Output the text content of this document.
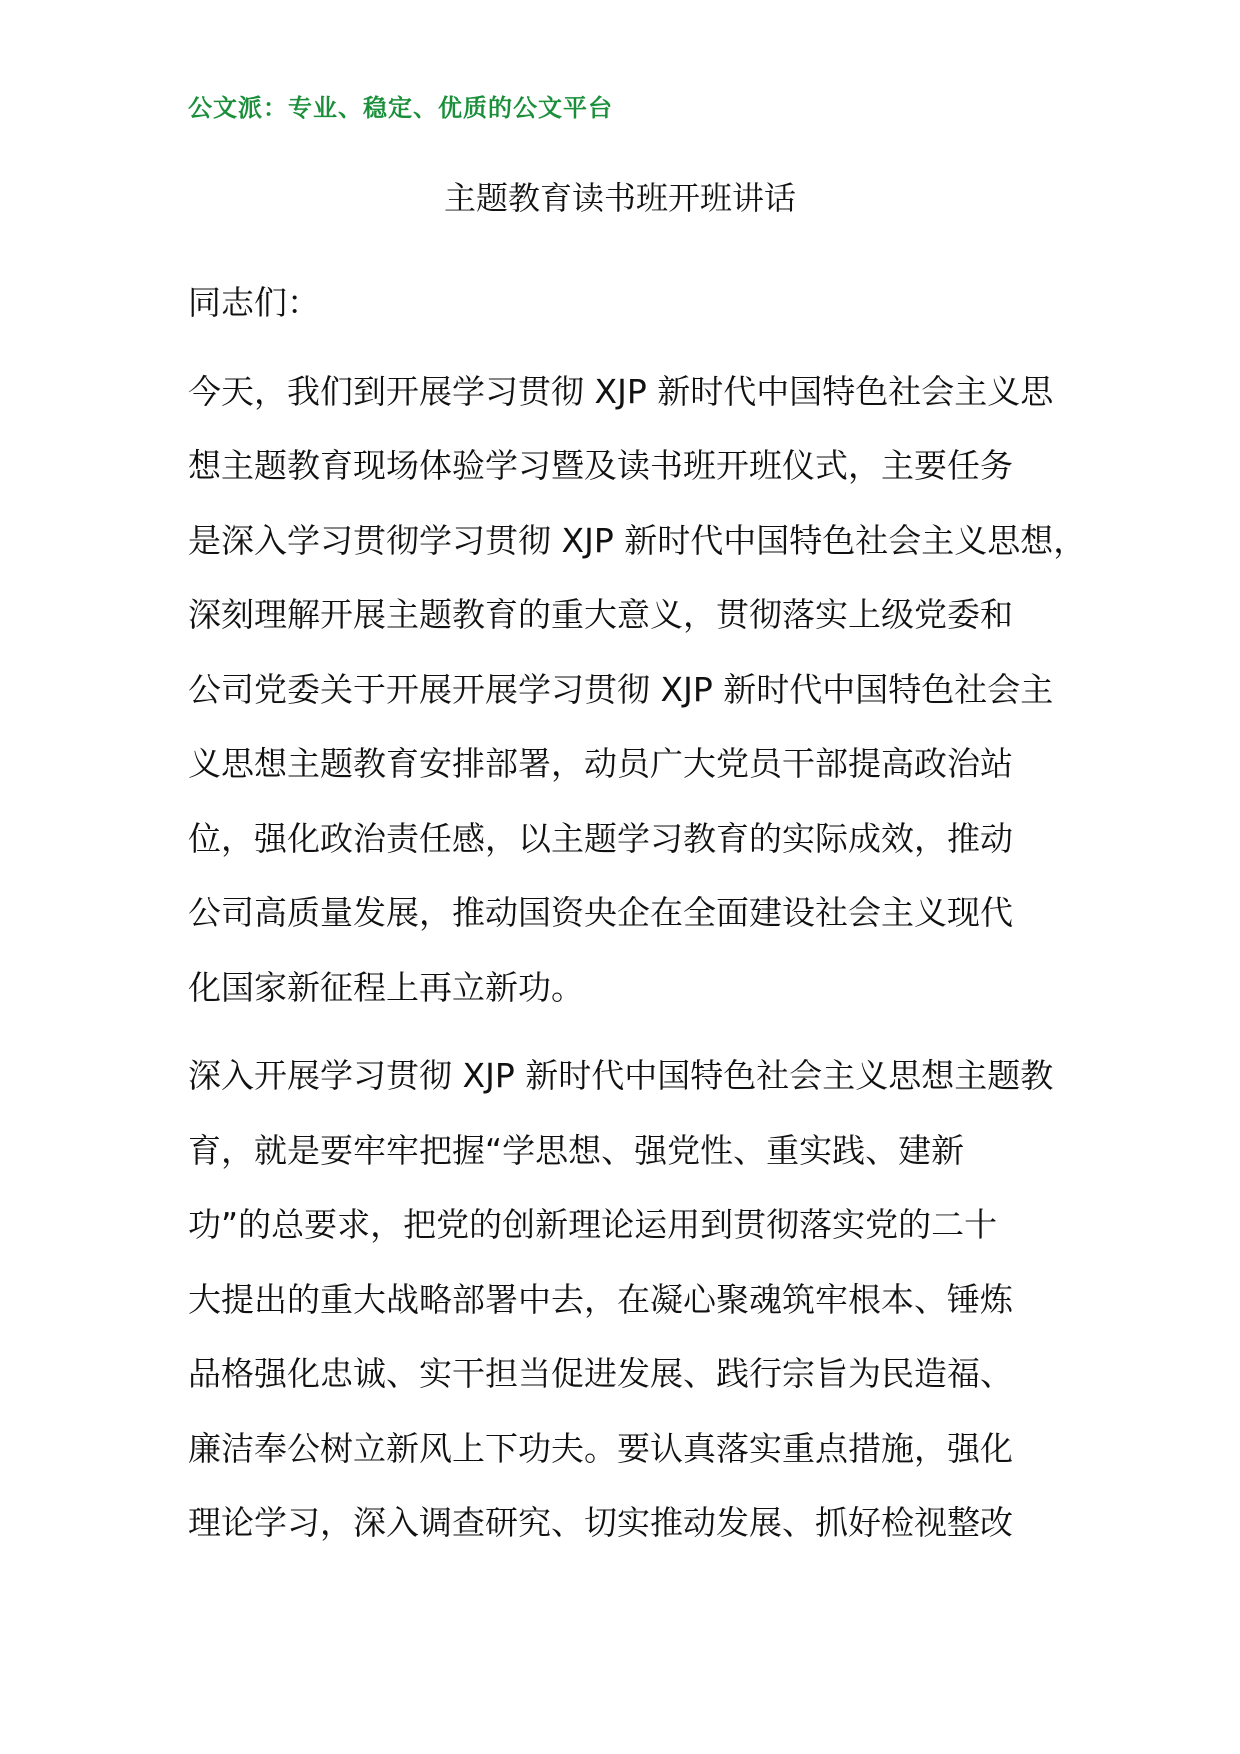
公文派：专业、稳定、优质的公文平台
主题教育读书班开班讲话
同志们：
今天，我们到开展学习贯彻 XJP 新时代中国特色社会主义思
想主题教育现场体验学习暨及读书班开班仪式，主要任务
是深入学习贯彻学习贯彻 XJP 新时代中国特色社会主义思想，
深刻理解开展主题教育的重大意义，贯彻落实上级党委和
公司党委关于开展开展学习贯彻 XJP 新时代中国特色社会主
义思想主题教育安排部署，动员广大党员干部提高政治站
位，强化政治责任感，以主题学习教育的实际成效，推动
公司高质量发展，推动国资央企在全面建设社会主义现代
化国家新征程上再立新功。
深入开展学习贯彻 XJP 新时代中国特色社会主义思想主题教
育，就是要牢牢把握“学思想、强党性、重实践、建新
功”的总要求，把党的创新理论运用到贯彻落实党的二十
大提出的重大战略部署中去，在凝心聚魂筑牢根本、锤炼
品格强化忠诚、实干担当促进发展、践行宗旨为民造福、
廉洁奉公树立新风上下功夫。要认真落实重点措施，强化
理论学习，深入调查研究、切实推动发展、抓好检视整改
